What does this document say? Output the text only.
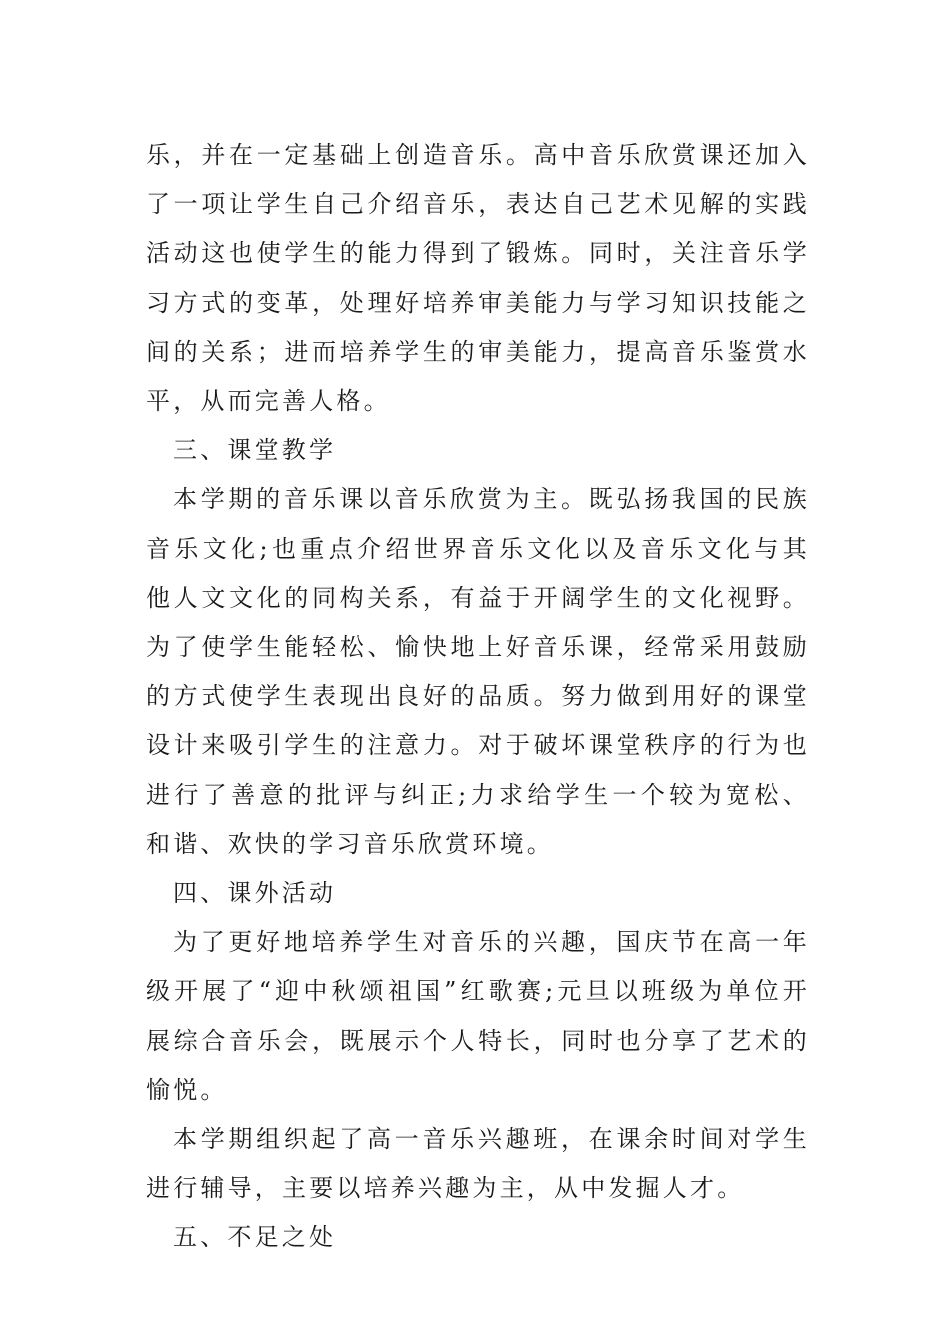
乐，并在一定基础上创造音乐。高中音乐欣赏课还加入了一项让学生自己介绍音乐，表达自己艺术见解的实践活动这也使学生的能力得到了锻炼。同时，关注音乐学习方式的变革，处理好培养审美能力与学习知识技能之间的关系；进而培养学生的审美能力，提高音乐鉴赏水平，从而完善人格。

三、课堂教学

本学期的音乐课以音乐欣赏为主。既弘扬我国的民族音乐文化;也重点介绍世界音乐文化以及音乐文化与其他人文文化的同构关系，有益于开阔学生的文化视野。为了使学生能轻松、愉快地上好音乐课，经常采用鼓励的方式使学生表现出良好的品质。努力做到用好的课堂设计来吸引学生的注意力。对于破坏课堂秩序的行为也进行了善意的批评与纠正;力求给学生一个较为宽松、和谐、欢快的学习音乐欣赏环境。

四、课外活动

为了更好地培养学生对音乐的兴趣，国庆节在高一年级开展了“迎中秋颂祖国”红歌赛;元旦以班级为单位开展综合音乐会，既展示个人特长，同时也分享了艺术的愉悦。

本学期组织起了高一音乐兴趣班，在课余时间对学生进行辅导，主要以培养兴趣为主，从中发掘人才。

五、不足之处
